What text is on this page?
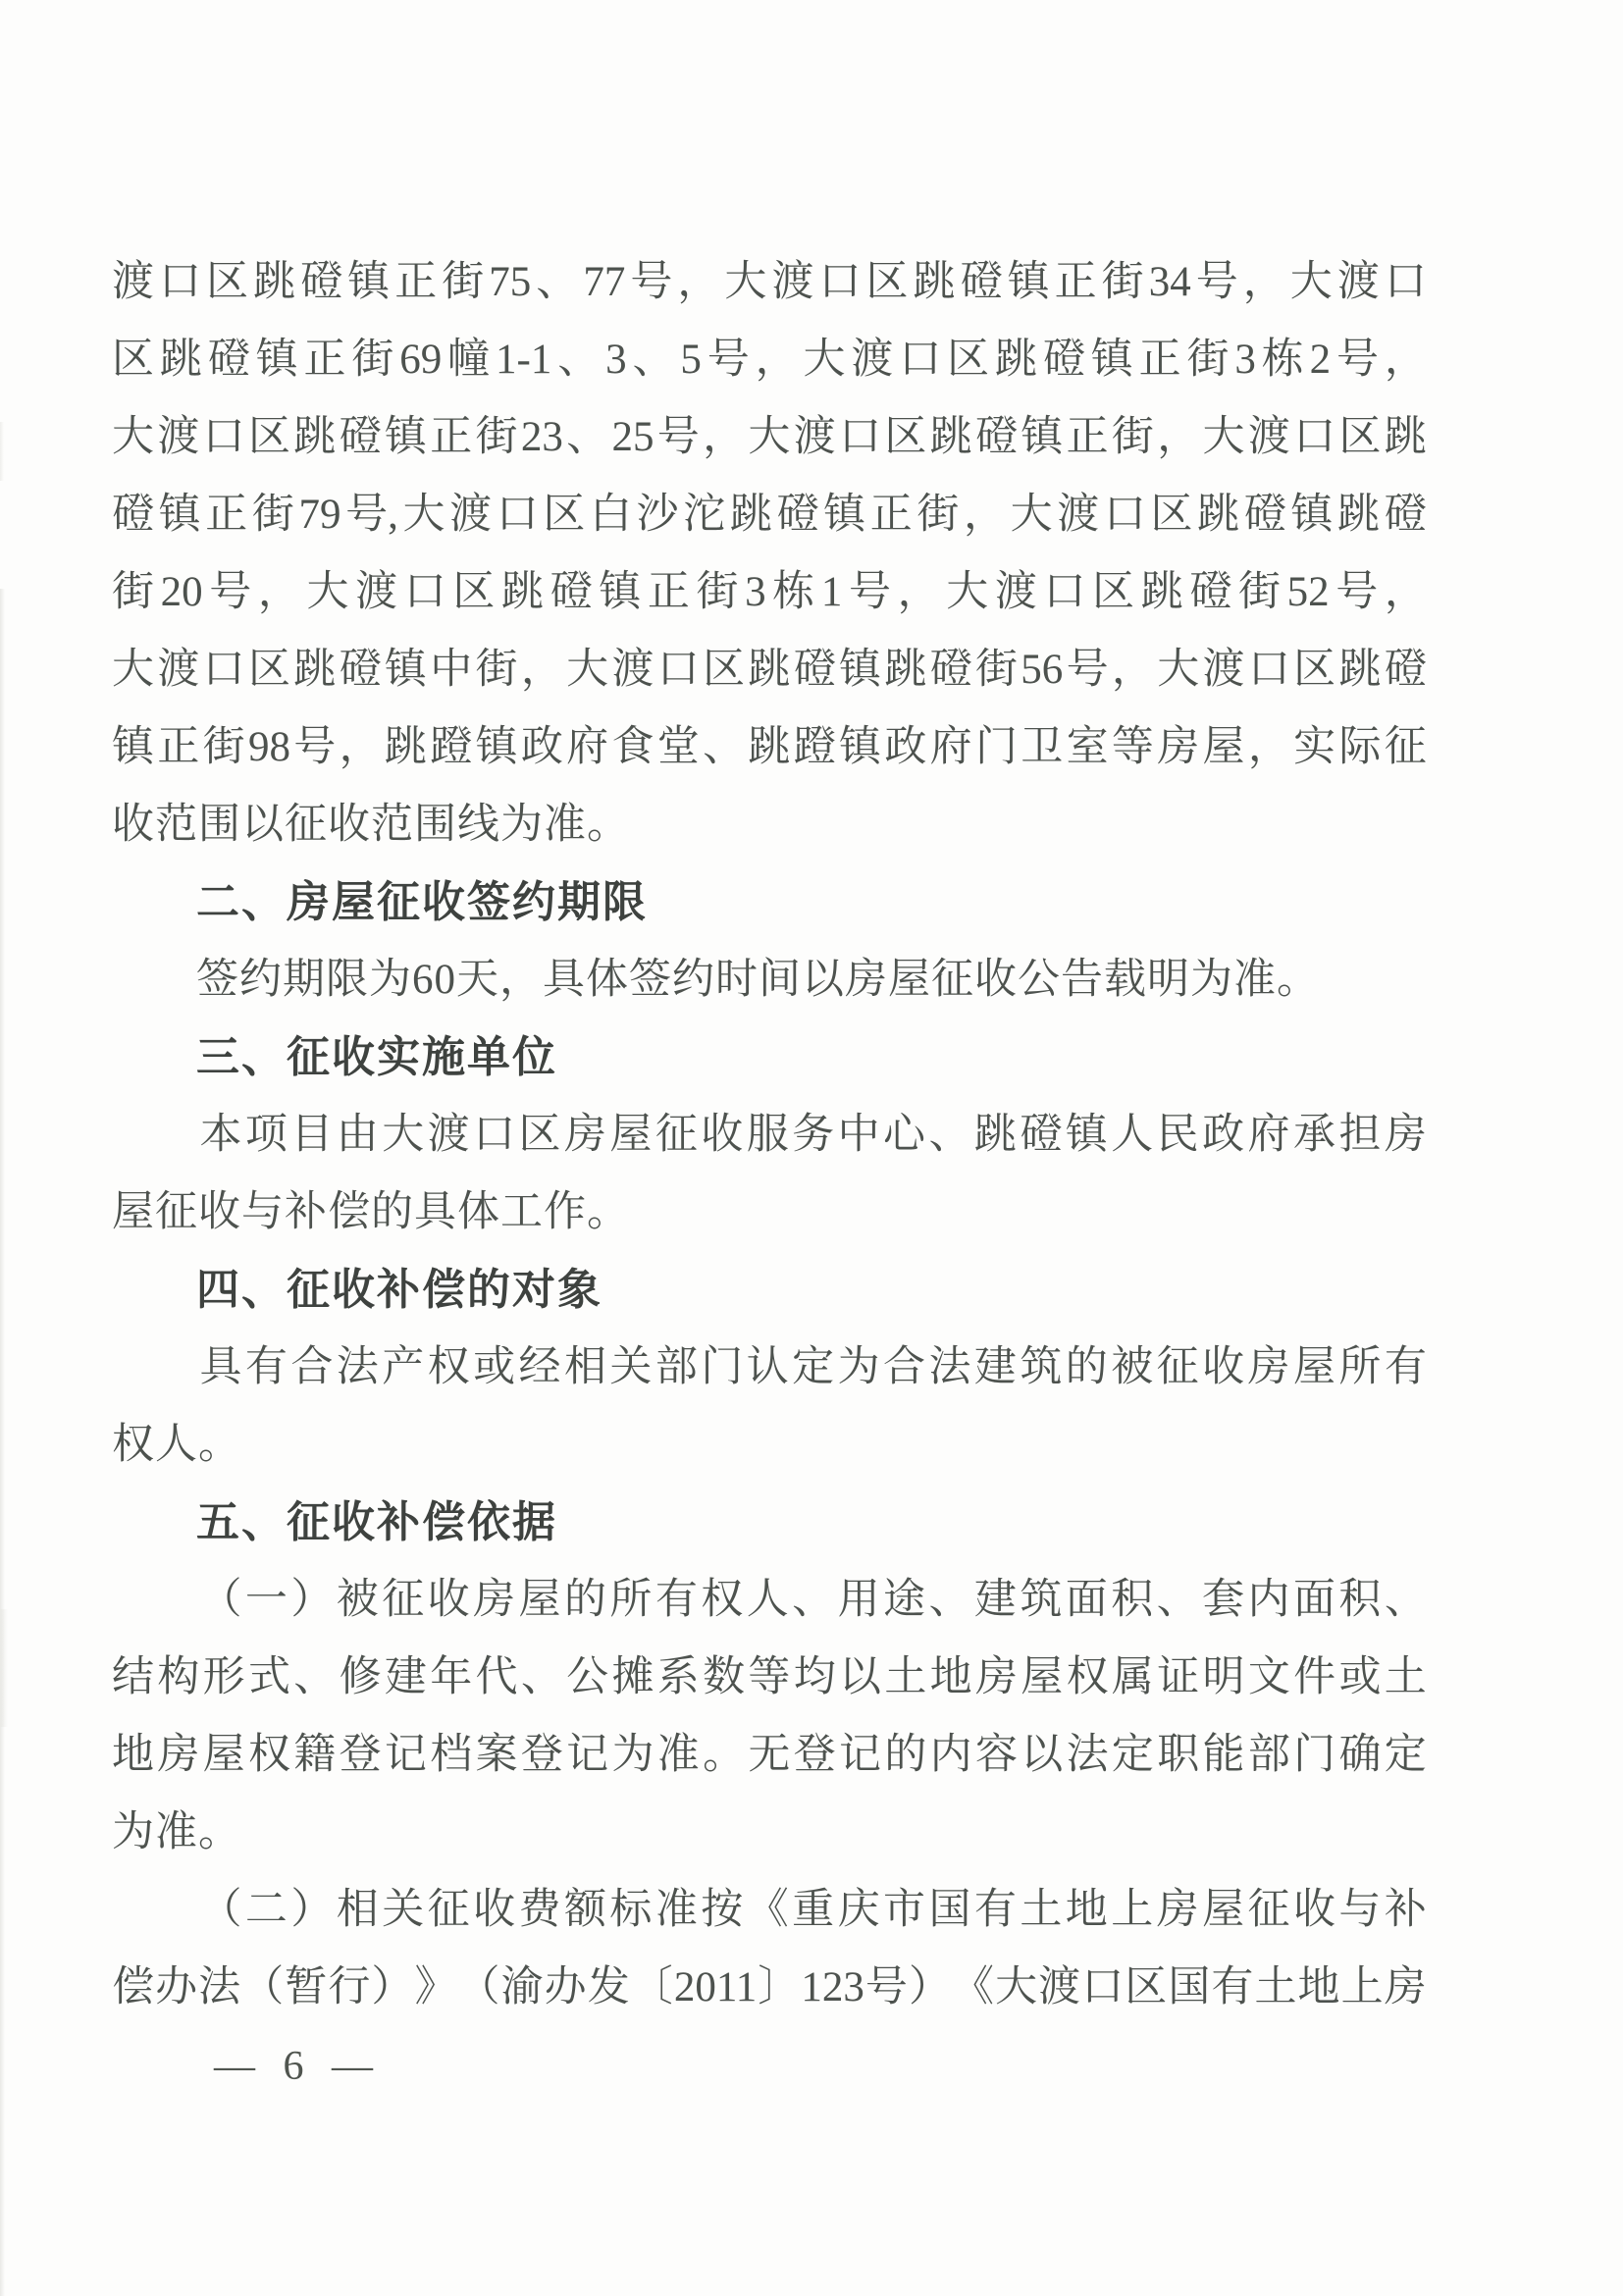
渡 口 区 跳 磴 镇 正 街 75 、 77 号 ， 大 渡 口 区 跳 磴 镇 正 街 34 号 ， 大 渡 口
区 跳 磴 镇 正 街 69 幢 1-1 、 3 、 5 号 ， 大 渡 口 区 跳 磴 镇 正 街 3 栋 2 号 ，
大 渡 口 区 跳 磴 镇 正 街 23 、 25 号 ， 大 渡 口 区 跳 磴 镇 正 街 ， 大 渡 口 区 跳
磴 镇 正 街 79 号, 大 渡 口 区 白 沙 沱 跳 磴 镇 正 街 ， 大 渡 口 区 跳 磴 镇 跳 磴
街 20 号 ， 大 渡 口 区 跳 磴 镇 正 街 3 栋 1 号 ， 大 渡 口 区 跳 磴 街 52 号 ，
大 渡 口 区 跳 磴 镇 中 街 ， 大 渡 口 区 跳 磴 镇 跳 磴 街 56 号 ， 大 渡 口 区 跳 磴
镇 正 街 98 号 ， 跳 蹬 镇 政 府 食 堂 、 跳 蹬 镇 政 府 门 卫 室 等 房 屋 ， 实 际 征
收范围以征收范围线为准。
二、房屋征收签约期限
签约期限为60天，具体签约时间以房屋征收公告载明为准。
三、征收实施单位
本 项 目 由 大 渡 口 区 房 屋 征 收 服 务 中 心 、 跳 磴 镇 人 民 政 府 承 担 房
屋征收与补偿的具体工作。
四、征收补偿的对象
具 有 合 法 产 权 或 经 相 关 部 门 认 定 为 合 法 建 筑 的 被 征 收 房 屋 所 有
权人。
五、征收补偿依据
（ 一 ） 被 征 收 房 屋 的 所 有 权 人 、 用 途 、 建 筑 面 积 、 套 内 面 积 、
结 构 形 式 、 修 建 年 代 、 公 摊 系 数 等 均 以 土 地 房 屋 权 属 证 明 文 件 或 土
地 房 屋 权 籍 登 记 档 案 登 记 为 准 。 无 登 记 的 内 容 以 法 定 职 能 部 门 确 定
为准。
（ 二 ） 相 关 征 收 费 额 标 准 按 《 重 庆 市 国 有 土 地 上 房 屋 征 收 与 补
偿 办 法 （ 暂 行 ） 》 （ 渝 办 发 〔 2011 〕 123 号 ） 《 大 渡 口 区 国 有 土 地 上 房
— 6 —
